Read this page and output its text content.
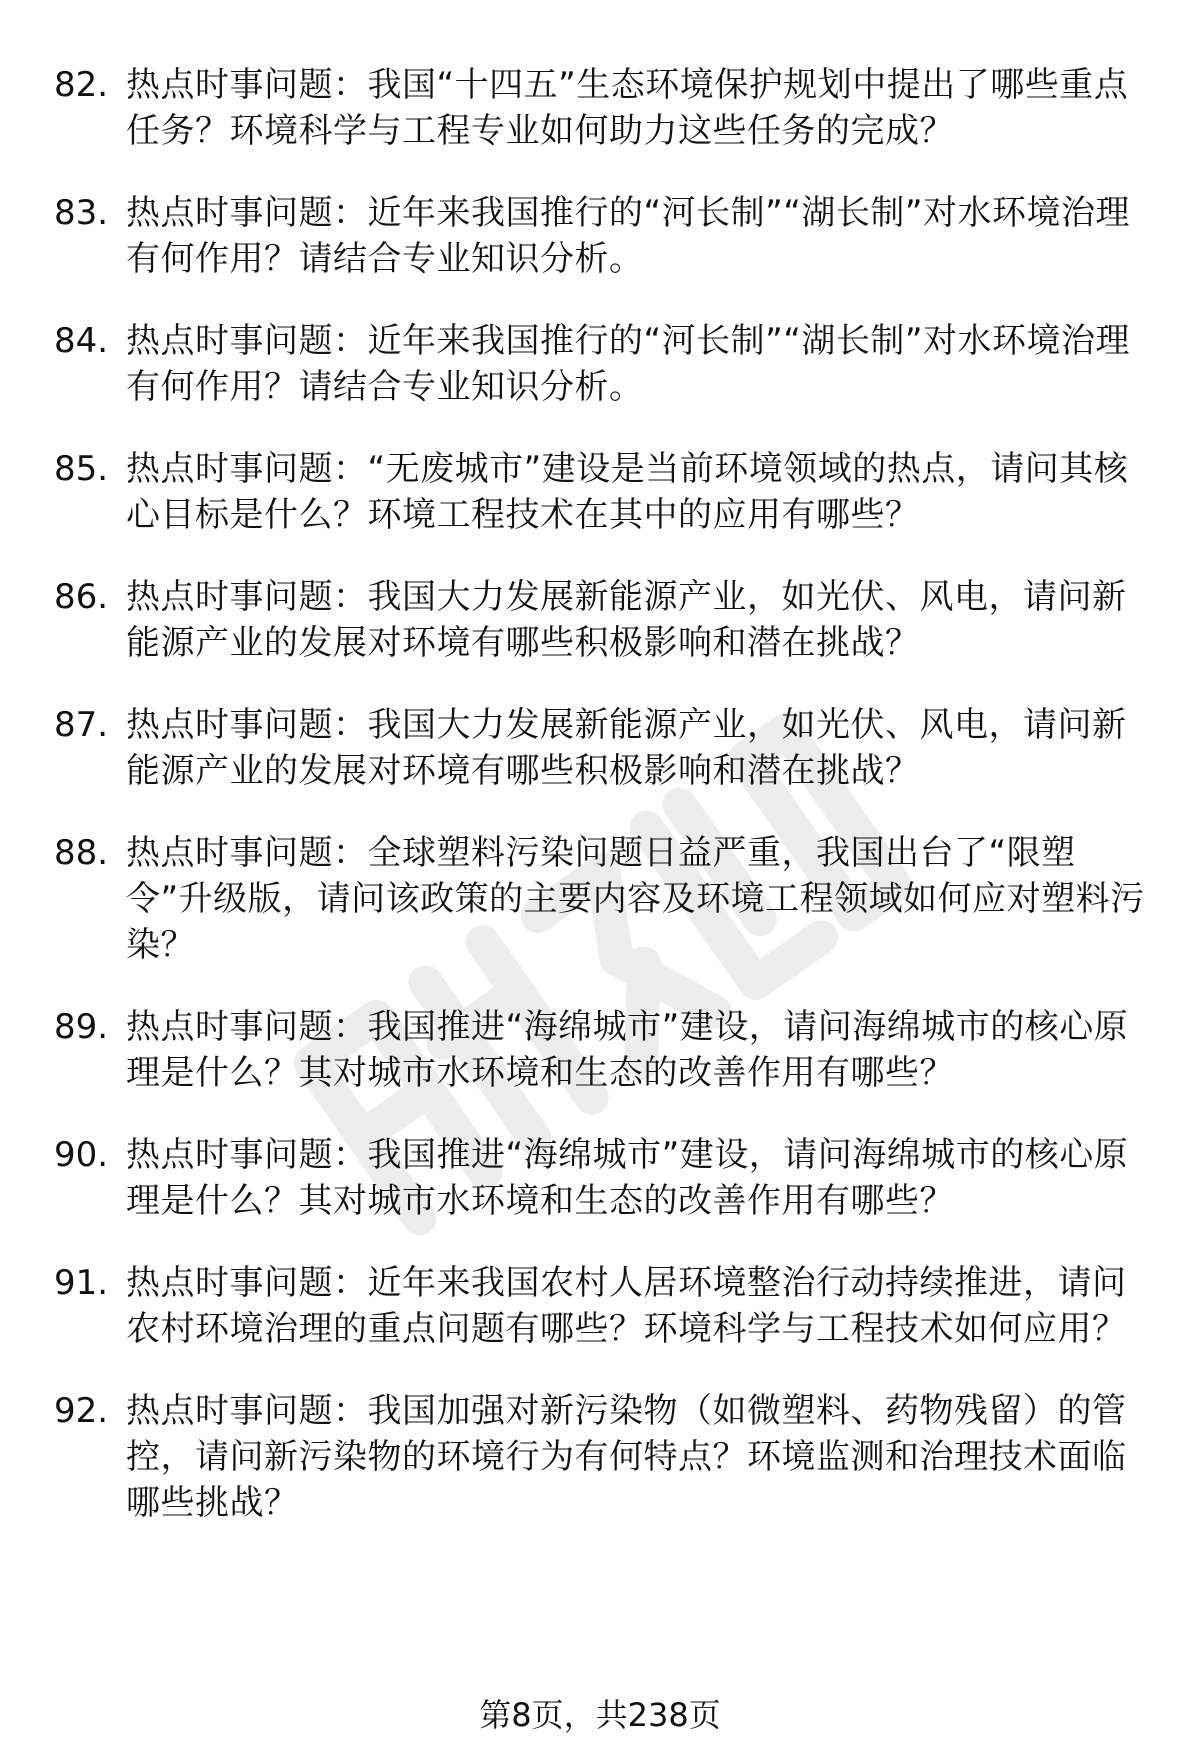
82. 热点时事问题：我国“十四五”生态环境保护规划中提出了哪些重点任务？环境科学与工程专业如何助力这些任务的完成？
83. 热点时事问题：近年来我国推行的“河长制”“湖长制”对水环境治理有何作用？请结合专业知识分析。
84. 热点时事问题：近年来我国推行的“河长制”“湖长制”对水环境治理有何作用？请结合专业知识分析。
85. 热点时事问题：“无废城市”建设是当前环境领域的热点，请问其核心目标是什么？环境工程技术在其中的应用有哪些？
86. 热点时事问题：我国大力发展新能源产业，如光伏、风电，请问新能源产业的发展对环境有哪些积极影响和潜在挑战？
87. 热点时事问题：我国大力发展新能源产业，如光伏、风电，请问新能源产业的发展对环境有哪些积极影响和潜在挑战？
88. 热点时事问题：全球塑料污染问题日益严重，我国出台了“限塑令”升级版，请问该政策的主要内容及环境工程领域如何应对塑料污染？
89. 热点时事问题：我国推进“海绵城市”建设，请问海绵城市的核心原理是什么？其对城市水环境和生态的改善作用有哪些？
90. 热点时事问题：我国推进“海绵城市”建设，请问海绵城市的核心原理是什么？其对城市水环境和生态的改善作用有哪些？
91. 热点时事问题：近年来我国农村人居环境整治行动持续推进，请问农村环境治理的重点问题有哪些？环境科学与工程技术如何应用？
92. 热点时事问题：我国加强对新污染物（如微塑料、药物残留）的管控，请问新污染物的环境行为有何特点？环境监测和治理技术面临哪些挑战？
第8页，共238页
